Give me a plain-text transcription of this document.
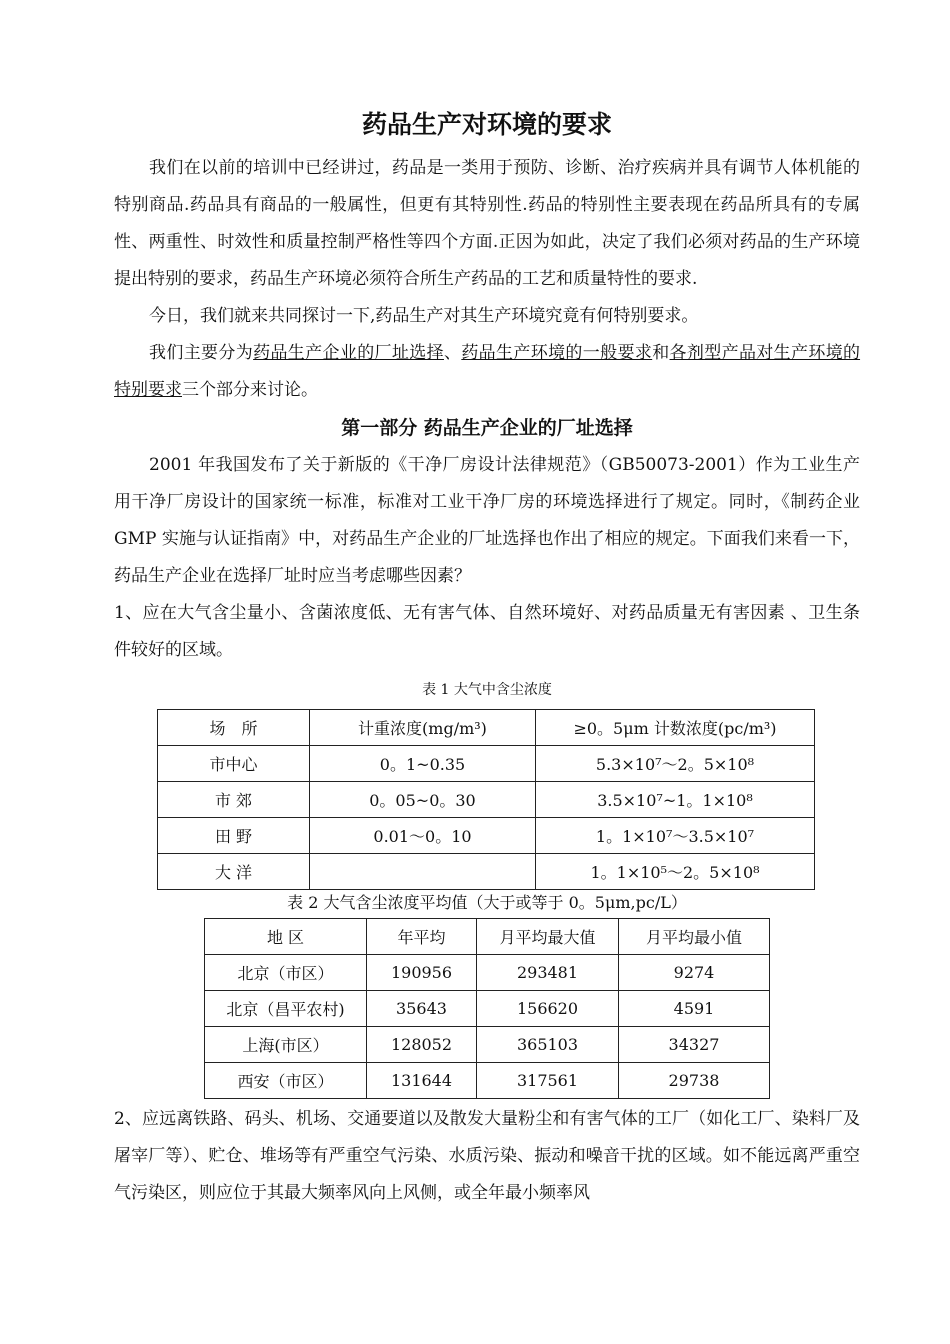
药品生产对环境的要求

我们在以前的培训中已经讲过，药品是一类用于预防、诊断、治疗疾病并具有调节人体机能的特别商品.药品具有商品的一般属性，但更有其特别性.药品的特别性主要表现在药品所具有的专属性、两重性、时效性和质量控制严格性等四个方面.正因为如此，决定了我们必须对药品的生产环境提出特别的要求，药品生产环境必须符合所生产药品的工艺和质量特性的要求.

今日，我们就来共同探讨一下,药品生产对其生产环境究竟有何特别要求。

我们主要分为药品生产企业的厂址选择、药品生产环境的一般要求和各剂型产品对生产环境的特别要求三个部分来讨论。

第一部分 药品生产企业的厂址选择

2001 年我国发布了关于新版的《干净厂房设计法律规范》（GB50073-2001）作为工业生产用干净厂房设计的国家统一标准，标准对工业干净厂房的环境选择进行了规定。同时，《制药企业 GMP 实施与认证指南》中，对药品生产企业的厂址选择也作出了相应的规定。下面我们来看一下，药品生产企业在选择厂址时应当考虑哪些因素？

1、应在大气含尘量小、含菌浓度低、无有害气体、自然环境好、对药品质量无有害因素 、卫生条件较好的区域。

表 1 大气中含尘浓度
场　所	计重浓度(mg/m³)	≥0。5μm 计数浓度(pc/m³)
市中心	0。1~0.35	5.3×10⁷～2。5×10⁸
市 郊	0。05~0。30	3.5×10⁷~1。1×10⁸
田 野	0.01～0。10	1。1×10⁷～3.5×10⁷
大 洋		1。1×10⁵～2。5×10⁸
表 2 大气含尘浓度平均值（大于或等于 0。5μm,pc/L）
地 区	年平均	月平均最大值	月平均最小值
北京（市区）	190956	293481	9274
北京（昌平农村)	35643	156620	4591
上海(市区）	128052	365103	34327
西安（市区）	131644	317561	29738

2、应远离铁路、码头、机场、交通要道以及散发大量粉尘和有害气体的工厂（如化工厂、染料厂及屠宰厂等）、贮仓、堆场等有严重空气污染、水质污染、振动和噪音干扰的区域。如不能远离严重空气污染区，则应位于其最大频率风向上风侧，或全年最小频率风
